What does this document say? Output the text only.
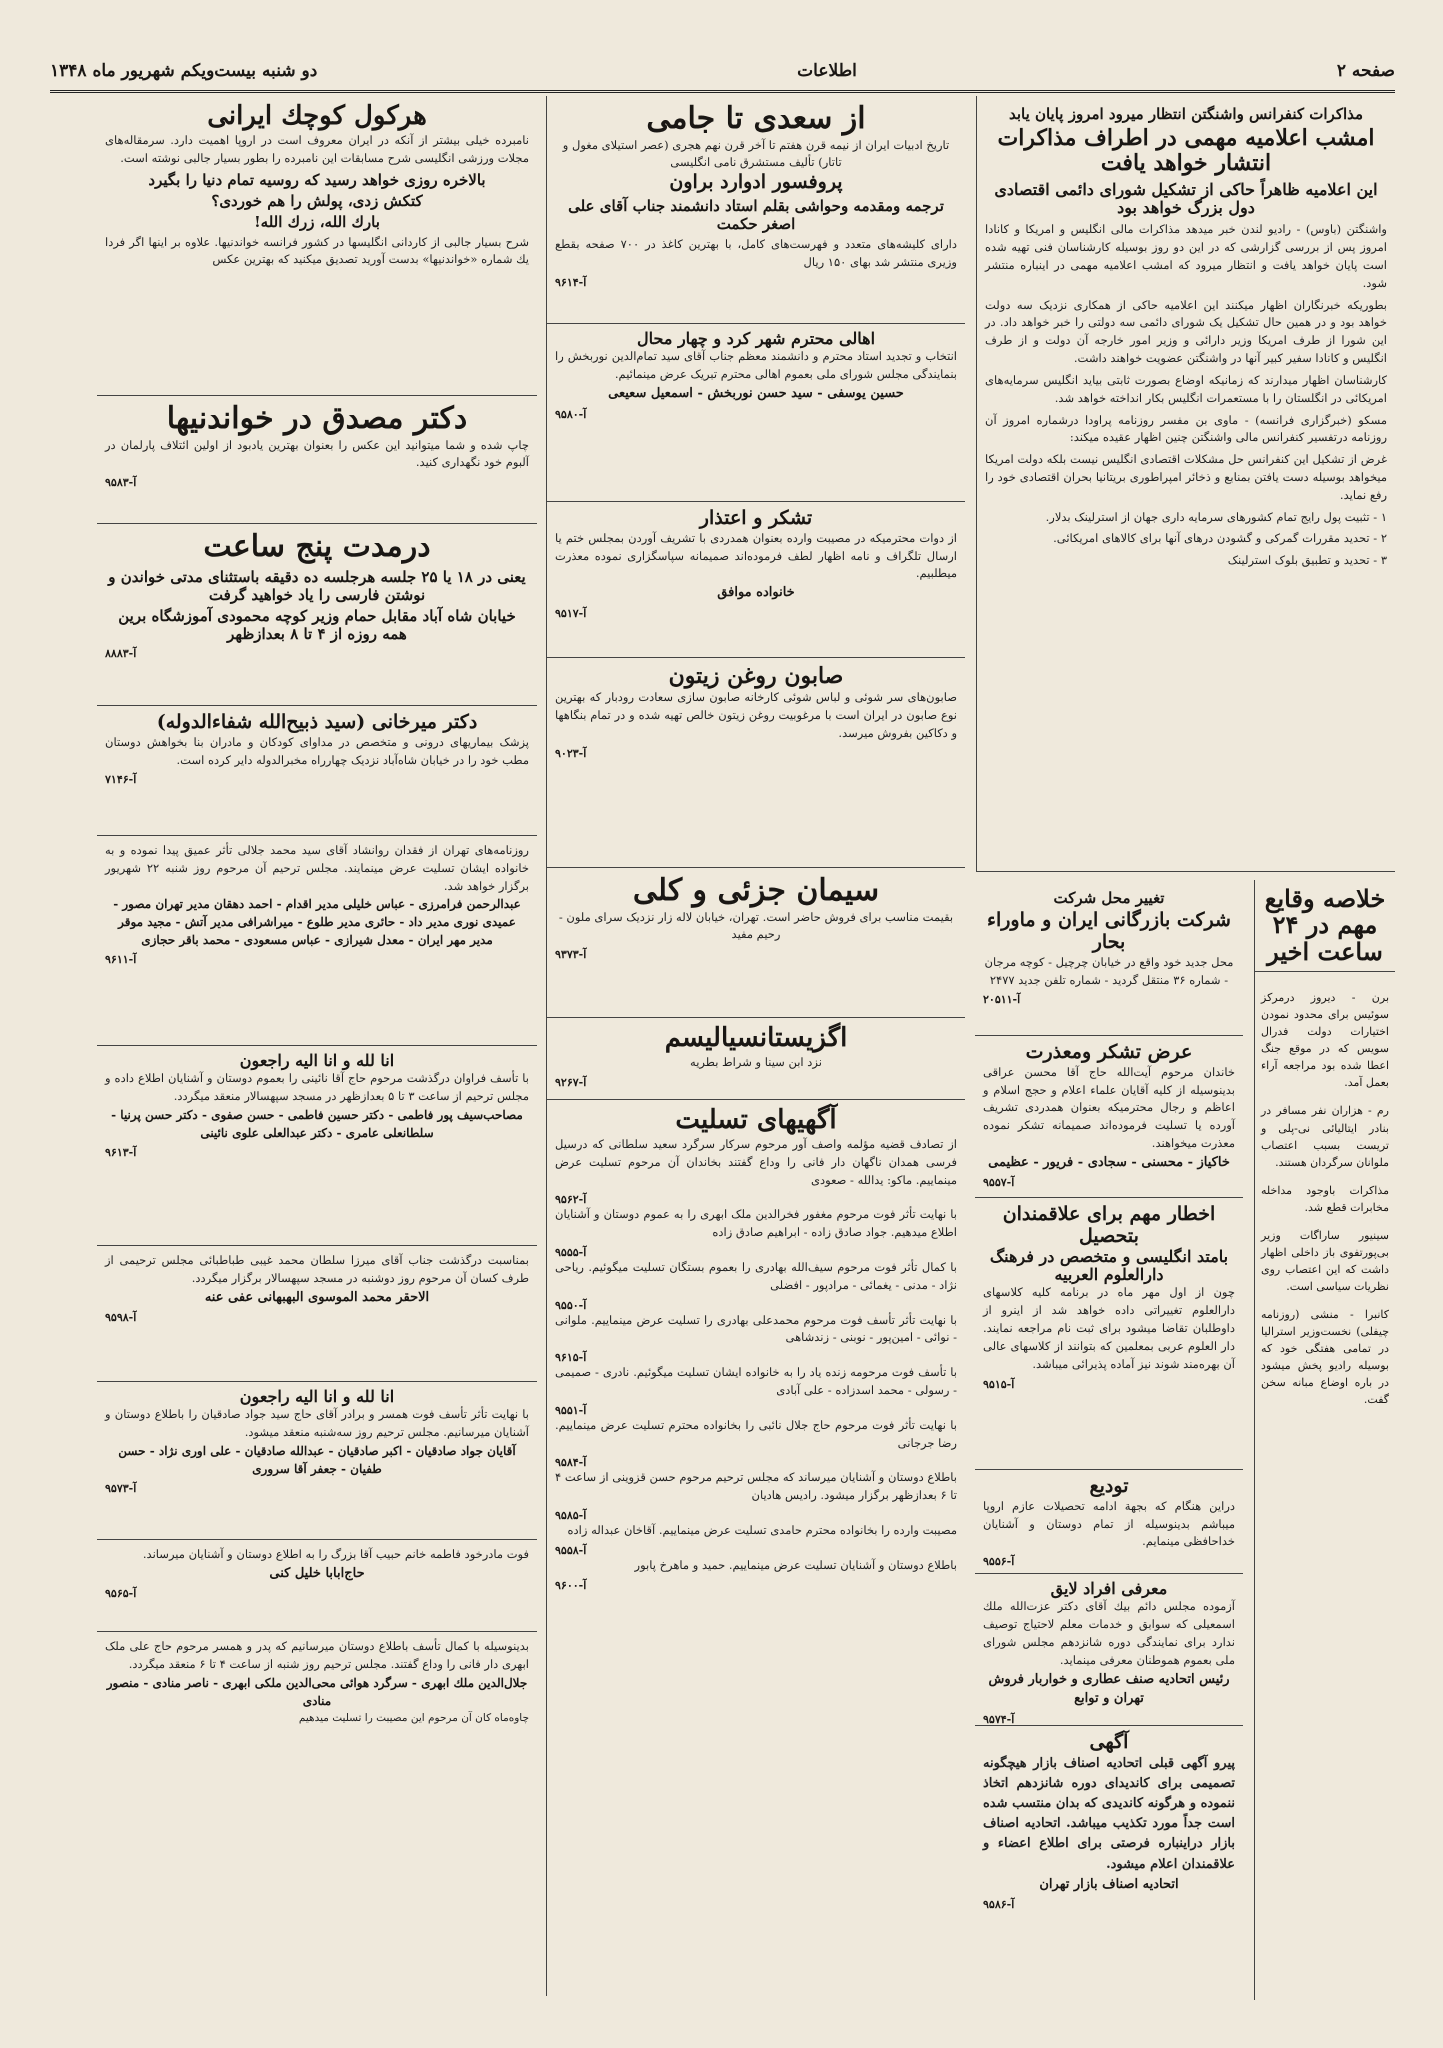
صفحه ۲
اطلاعات
دو شنبه بیست‌ویکم شهریور ماه ۱۳۴۸
مذاکرات کنفرانس واشنگتن انتظار میرود امروز پایان یابد
امشب اعلامیه مهمی در اطراف مذاکرات انتشار خواهد یافت
این اعلامیه ظاهراً حاکی از تشکیل شورای دائمی اقتصادی دول بزرگ خواهد بود

واشنگتن (باوس) - رادیو لندن خبر میدهد مذاکرات مالی انگلیس و امریکا و کانادا امروز پس از بررسی گزارشی که در این دو روز بوسیله کارشناسان فنی تهیه شده است پایان خواهد یافت و انتظار میرود که امشب اعلامیه مهمی در اینباره منتشر شود.

بطوریکه خبرنگاران اظهار میکنند این اعلامیه حاکی از همکاری نزدیک سه دولت خواهد بود و در همین حال تشکیل یک شورای دائمی سه دولتی را خبر خواهد داد. در این شورا از طرف امریکا وزیر دارائی و وزیر امور خارجه آن دولت و از طرف انگلیس و کانادا سفیر کبیر آنها در واشنگتن عضویت خواهند داشت.

کارشناسان اظهار میدارند که زمانیکه اوضاع بصورت ثابتی بیاید انگلیس سرمایه‌های امریکائی در انگلستان را با مستعمرات انگلیس بکار انداخته خواهد شد.

مسکو (خبرگزاری فرانسه) - ماوی بن مفسر روزنامه پراودا درشماره امروز آن روزنامه درتفسیر کنفرانس مالی واشنگتن چنین اظهار عقیده میکند:

غرض از تشکیل این کنفرانس حل مشکلات اقتصادی انگلیس نیست بلکه دولت امریکا میخواهد بوسیله دست یافتن بمنابع و ذخائر امپراطوری بریتانیا بحران اقتصادی خود را رفع نماید.

۱ - تثبیت پول رایج تمام کشورهای سرمایه داری جهان از استرلینک بدلار.

۲ - تحدید مقررات گمرکی و گشودن درهای آنها برای کالاهای امریکائی.

۳ - تحدید و تطبیق بلوک استرلینک

خلاصه وقایع مهم در ۲۴ ساعت اخیر

برن - دیروز درمرکز سوئیس برای محدود نمودن اختیارات دولت فدرال سویس که در موقع جنگ اعطا شده بود مراجعه آراء بعمل آمد.

رم - هزاران نفر مسافر در بنادر ایتالیائی نی-پلی و تریست بسبب اعتصاب ملوانان سرگردان هستند.

مذاکرات باوجود مداخله مخابرات قطع شد.

سینیور ساراگات وزیر بی‌پورتفوی باز داخلی اظهار داشت که این اعتصاب روی نظریات سیاسی است.

کانبرا - منشی (روزنامه چیفلی) نخست‌وزیر استرالیا در تمامی هفتگی خود که بوسیله رادیو پخش میشود در باره اوضاع مبانه سخن گفت.

تغییر محل شرکت
شرکت بازرگانی ایران و ماوراء بحار
محل جدید خود واقع در خیابان چرچیل - کوچه مرجان - شماره ۳۶ منتقل گردید - شماره تلفن جدید ۲۴۷۷
آ-۲۰۵۱۱
عرض تشکر ومعذرت
خاندان مرحوم آیت‌الله حاج آقا محسن عراقی بدینوسیله از کلیه آقایان علماء اعلام و حجج اسلام و اعاظم و رجال محترمیکه بعنوان همدردی تشریف آورده یا تسلیت فرموده‌اند صمیمانه تشکر نموده معذرت میخواهند.
خاکیاز - محسنی - سجادی - فریور - عظیمی
آ-۹۵۵۷
اخطار مهم برای علاقمندان بتحصیل
بامتد انگلیسی و متخصص در فرهنگ دارالعلوم العربیه
چون از اول مهر ماه در برنامه کلیه کلاسهای دارالعلوم تغییراتی داده خواهد شد از اینرو از داوطلبان تقاضا میشود برای ثبت نام مراجعه نمایند. دار العلوم عربی بمعلمین که بتوانند از کلاسهای عالی آن بهره‌مند شوند نیز آماده پذیرائی میباشد.
آ-۹۵۱۵
تودیع
دراین هنگام که بجهة ادامه تحصیلات عازم اروپا میباشم بدینوسیله از تمام دوستان و آشنایان خداحافظی مینمایم.
آ-۹۵۵۶
معرفی افراد لایق
آزموده مجلس دائم بیك آقای دکتر عزت‌الله ملك اسمعیلی که سوابق و خدمات معلم لاحتیاج توصیف ندارد برای نمایندگی دوره شانزدهم مجلس شورای ملی بعموم هموطنان معرفی مینماید.
رئیس اتحادیه صنف عطاری و خواربار فروش تهران و توابع
آ-۹۵۷۴
آگهی
پیرو آگهی قبلی اتحادیه اصناف بازار هیچگونه تصمیمی برای کاندیدای دوره شانزدهم اتخاذ ننموده و هرگونه کاندیدی که بدان منتسب شده است جداً مورد تکذیب میباشد. اتحادیه اصناف بازار دراینباره فرصتی برای اطلاع اعضاء و علاقمندان اعلام میشود.
اتحادیه اصناف بازار تهران
آ-۹۵۸۶
از سعدی تا جامی
تاریخ ادبیات ایران از نیمه قرن هفتم تا آخر قرن نهم هجری (عصر استیلای مغول و تاتار) تألیف مستشرق نامی انگلیسی
پروفسور ادوارد براون
ترجمه ومقدمه وحواشی بقلم استاد دانشمند جناب آقای علی اصغر حکمت
دارای کلیشه‌های متعدد و فهرست‌های کامل، با بهترین کاغذ در ۷۰۰ صفحه بقطع وزیری منتشر شد بهای ۱۵۰ ریال
آ-۹۶۱۴
اهالی محترم شهر کرد و چهار محال
انتخاب و تجدید استاد محترم و دانشمند معظم جناب آقای سید تمام‌الدین نوربخش را بنمایندگی مجلس شورای ملی بعموم اهالی محترم تبریک عرض مینمائیم.
حسین یوسفی - سید حسن نوربخش - اسمعیل سعیعی
آ-۹۵۸۰
تشکر و اعتذار
از دوات محترمیکه در مصیبت وارده بعنوان همدردی با تشریف آوردن بمجلس ختم یا ارسال تلگراف و نامه اظهار لطف فرموده‌اند صمیمانه سپاسگزاری نموده معذرت میطلبیم.
خانواده موافق
آ-۹۵۱۷
صابون روغن زیتون
صابون‌های سر شوئی و لباس شوئی کارخانه صابون سازی سعادت رودبار که بهترین نوع صابون در ایران است با مرغوبیت روغن زیتون خالص تهیه شده و در تمام بنگاهها و دکاکین بفروش میرسد.
آ-۹۰۲۳
سیمان جزئی و کلی
بقیمت مناسب برای فروش حاضر است. تهران، خیابان لاله زار نزدیک سرای ملون - رحیم مفید
آ-۹۳۷۳
اگزیستانسیالیسم
نزد ابن سینا و شراط بطریه
آ-۹۲۶۷
آگهیهای تسلیت
از تصادف قضیه مؤلمه واصف آور مرحوم سرکار سرگرد سعید سلطانی که درسیل فرسی همدان ناگهان دار فانی را وداع گفتند بخاندان آن مرحوم تسلیت عرض مینماییم. ماکو: یدالله - صعودی
آ-۹۵۶۲
با نهایت تأثر فوت مرحوم مغفور فخر‌الدین ملک ابهری را به عموم دوستان و آشنایان اطلاع میدهیم. جواد صادق زاده - ابراهیم صادق زاده
آ-۹۵۵۵
با کمال تأثر فوت مرحوم سیف‌الله بهادری را بعموم بستگان تسلیت میگوئیم. ریاحی نژاد - مدنی - یغمائی - مرادپور - افضلی
آ-۹۵۵۰
با نهایت تأثر تأسف فوت مرحوم محمدعلی بهادری را تسلیت عرض مینماییم. ملوانی - نوائی - امین‌پور - نوبنی - زندشاهی
آ-۹۶۱۵
با تأسف فوت مرحومه زنده یاد را به خانواده ایشان تسلیت میگوئیم. نادری - صمیمی - رسولی - محمد اسدزاده - علی آبادی
آ-۹۵۵۱
با نهایت تأثر فوت مرحوم حاج جلال نائبی را بخانواده محترم تسلیت عرض مینماییم. رضا جرجانی
آ-۹۵۸۴
باطلاع دوستان و آشنایان میرساند که مجلس ترحیم مرحوم حسن قزوینی از ساعت ۴ تا ۶ بعدازظهر برگزار میشود. رادیس هادیان
آ-۹۵۸۵
مصیبت وارده را بخانواده محترم حامدی تسلیت عرض مینماییم. آقاخان عبداله زاده
آ-۹۵۵۸
باطلاع دوستان و آشنایان تسلیت عرض مینماییم. حمید و ماهرخ پابور
آ-۹۶۰۰
هرکول کوچك ایرانی
نامبرده خیلی بیشتر از آنکه در ایران معروف است در اروپا اهمیت دارد. سرمقاله‌های مجلات ورزشی انگلیسی شرح مسابقات این نامبرده را بطور بسیار جالبی نوشته است.
بالاخره روزی خواهد رسید که روسیه تمام دنیا را بگیرد
کتکش زدی، پولش را هم خوردی؟
بارك الله، زرك الله!
شرح بسیار جالبی از کاردانی انگلیسها در کشور فرانسه خواندنیها. علاوه بر اینها اگر فردا یك شماره «خواندنیها» بدست آورید تصدیق میکنید که بهترین عکس
دکتر مصدق در خواندنیها
چاپ شده و شما میتوانید این عکس را بعنوان بهترین یادبود از اولین ائتلاف پارلمان در آلبوم خود نگهداری کنید.
آ-۹۵۸۳
درمدت پنج ساعت
یعنی در ۱۸ یا ۲۵ جلسه هرجلسه ده دقیقه باستثنای مدتی خواندن و نوشتن فارسی را یاد خواهید گرفت
خیابان شاه آباد مقابل حمام وزیر کوچه محمودی آموزشگاه برین همه روزه از ۴ تا ۸ بعدازظهر
آ-۸۸۸۳
دکتر میرخانی (سید ذبیح‌الله شفاءالدوله)
پزشک بیماریهای درونی و متخصص در مداوای کودکان و مادران بنا بخواهش دوستان مطب خود را در خیابان شاه‌آباد نزدیک چهارراه مخبرالدوله دایر کرده است.
آ-۷۱۴۶
روزنامه‌های تهران از فقدان روانشاد آقای سید محمد جلالی تأثر عمیق پیدا نموده و به خانواده ایشان تسلیت عرض مینمایند. مجلس ترحیم آن مرحوم روز شنبه ۲۲ شهریور برگزار خواهد شد.
عبدالرحمن فرامرزی - عباس خلیلی مدیر اقدام - احمد دهقان مدیر تهران مصور - عمیدی نوری مدیر داد - حائری مدیر طلوع - میراشرافی مدیر آتش - مجید موقر مدیر مهر ایران - معدل شیرازی - عباس مسعودی - محمد باقر حجازی
آ-۹۶۱۱
انا لله و انا الیه راجعون
با تأسف فراوان درگذشت مرحوم حاج آقا نائینی را بعموم دوستان و آشنایان اطلاع داده و مجلس ترحیم از ساعت ۳ تا ۵ بعدازظهر در مسجد سپهسالار منعقد میگردد.
مصاحب‌سیف پور فاطمی - دکتر حسین فاطمی - حسن صفوی - دکتر حسن پرنیا - سلطانعلی عامری - دکتر عبدالعلی علوی نائینی
آ-۹۶۱۳
بمناسبت درگذشت جناب آقای میرزا سلطان محمد غیبی طباطبائی مجلس ترحیمی از طرف کسان آن مرحوم روز دوشنبه در مسجد سپهسالار برگزار میگردد.
الاحقر محمد الموسوی البهبهانی عفی عنه
آ-۹۵۹۸
انا لله و انا الیه راجعون
با نهایت تأثر تأسف فوت همسر و برادر آقای حاج سید جواد صادقیان را باطلاع دوستان و آشنایان میرسانیم. مجلس ترحیم روز سه‌شنبه منعقد میشود.
آقایان جواد صادقیان - اکبر صادقیان - عبدالله صادقیان - علی اوری نژاد - حسن طفیان - جعفر آقا سروری
آ-۹۵۷۳
فوت مادرخود فاطمه خانم حبیب آقا بزرگ را به اطلاع دوستان و آشنایان میرساند.
حاج‌ابابا خلیل کنی
آ-۹۵۶۵
بدینوسیله با کمال تأسف باطلاع دوستان میرسانیم که پدر و همسر مرحوم حاج علی ملک ابهری دار فانی را وداع گفتند. مجلس ترحیم روز شنبه از ساعت ۴ تا ۶ منعقد میگردد.
جلال‌الدین ملك ابهری - سرگرد هوائی محی‌الدین ملکی ابهری - ناصر منادی - منصور منادی
چاوه‌ماه کان آن مرحوم این مصیبت را تسلیت میدهیم
